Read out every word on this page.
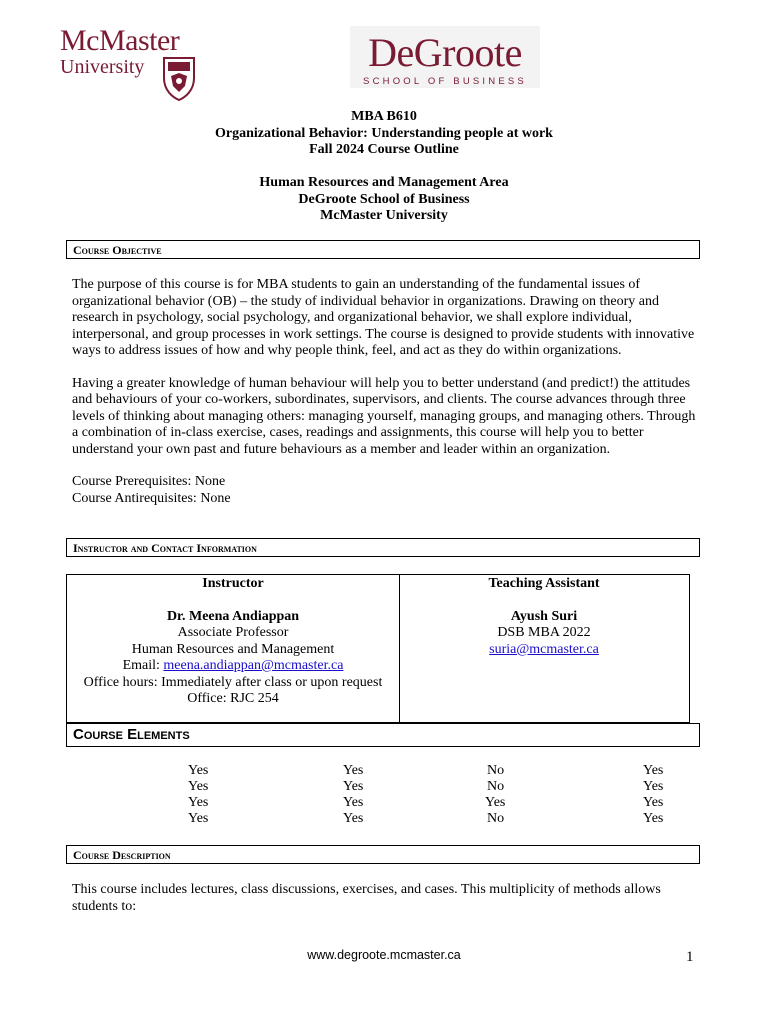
McMaster
University	DeGroote
SCHOOL OF BUSINESS
MBA B610
Organizational Behavior: Understanding people at work
Fall 2024 Course Outline
Human Resources and Management Area
DeGroote School of Business
McMaster University
Course Objective

The purpose of this course is for MBA students to gain an understanding of the fundamental issues of organizational behavior (OB) – the study of individual behavior in organizations. Drawing on theory and research in psychology, social psychology, and organizational behavior, we shall explore individual, interpersonal, and group processes in work settings. The course is designed to provide students with innovative ways to address issues of how and why people think, feel, and act as they do within organizations.

Having a greater knowledge of human behaviour will help you to better understand (and predict!) the attitudes and behaviours of your co-workers, subordinates, supervisors, and clients. The course advances through three levels of thinking about managing others: managing yourself, managing groups, and managing others. Through a combination of in-class exercise, cases, readings and assignments, this course will help you to better understand your own past and future behaviours as a member and leader within an organization.

Course Prerequisites: None
Course Antirequisites: None
Instructor and Contact Information
Instructor
Dr. Meena Andiappan
Associate Professor
Human Resources and Management
Email: meena.andiappan@mcmaster.ca
Office hours: Immediately after class or upon request
Office: RJC 254
Teaching Assistant
Ayush Suri
DSB MBA 2022
suria@mcmaster.ca
Course Elements
Yes	Yes	No	Yes
Yes	Yes	No	Yes
Yes	Yes	Yes	Yes
Yes	Yes	No	Yes
Course Description
This course includes lectures, class discussions, exercises, and cases. This multiplicity of methods allows students to:
www.degroote.mcmaster.ca	1
